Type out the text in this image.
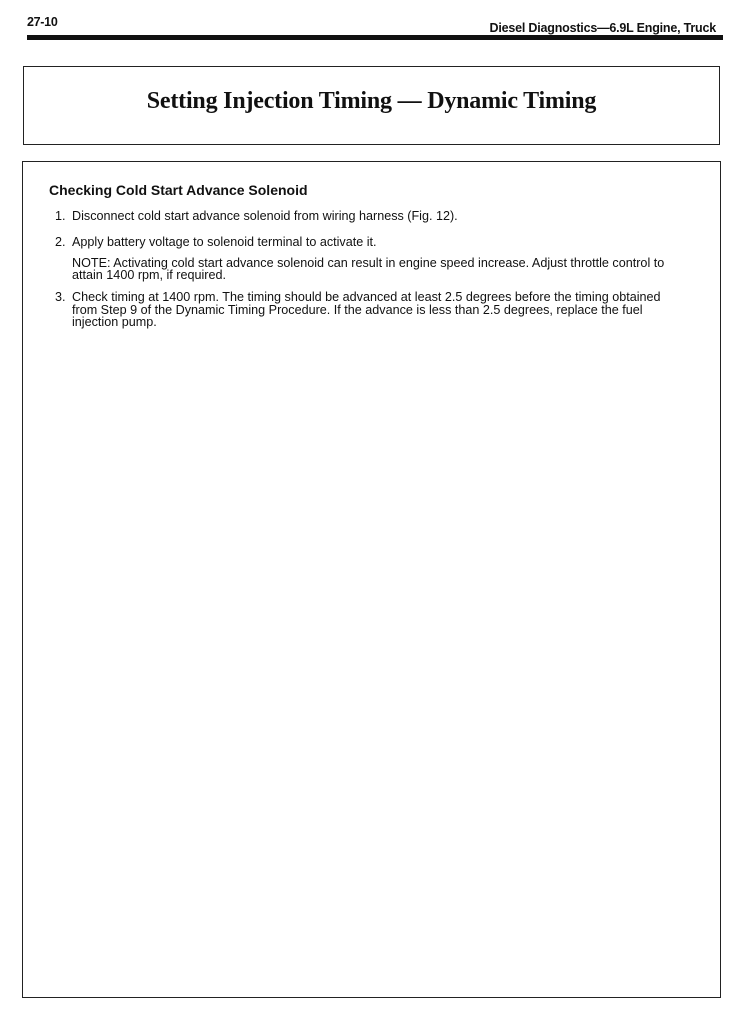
27-10	Diesel Diagnostics—6.9L Engine, Truck
Setting Injection Timing — Dynamic Timing
Checking Cold Start Advance Solenoid
1. Disconnect cold start advance solenoid from wiring harness (Fig. 12).
2. Apply battery voltage to solenoid terminal to activate it.
NOTE: Activating cold start advance solenoid can result in engine speed increase. Adjust throttle control to attain 1400 rpm, if required.
3. Check timing at 1400 rpm. The timing should be advanced at least 2.5 degrees before the timing obtained from Step 9 of the Dynamic Timing Procedure. If the advance is less than 2.5 degrees, replace the fuel injection pump.
